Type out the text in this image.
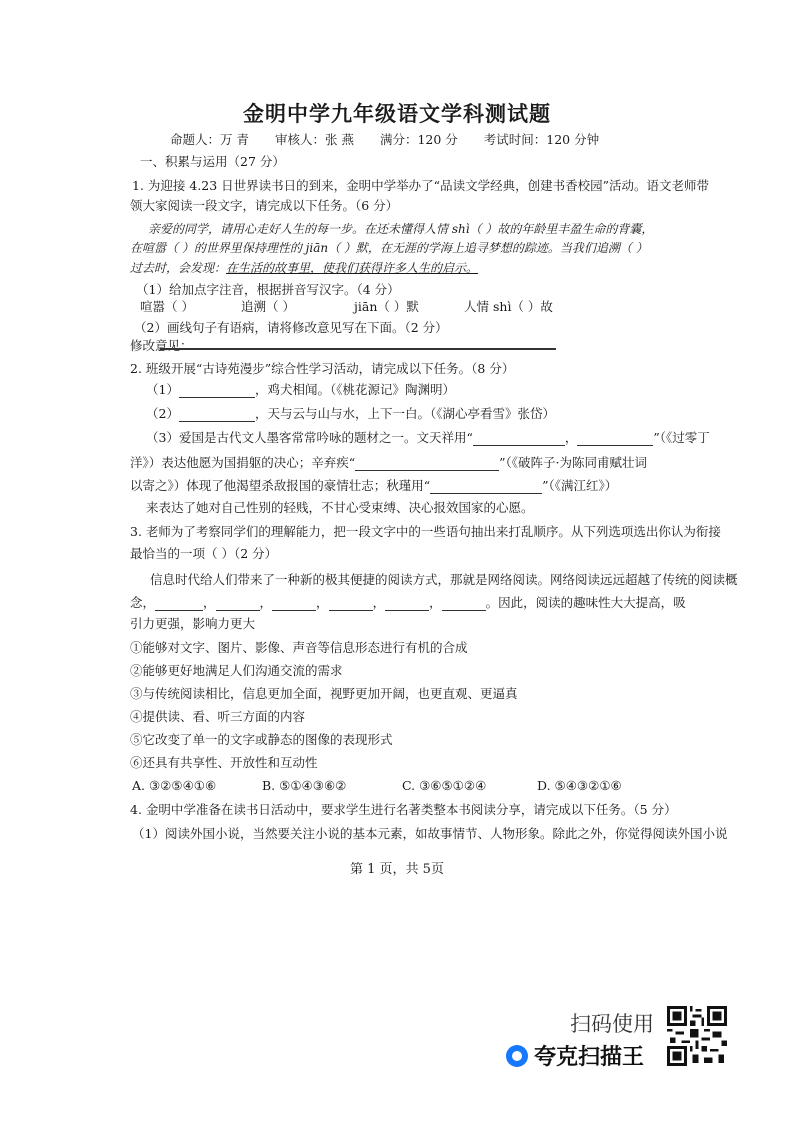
金明中学九年级语文学科测试题
命题人：万 青 审核人：张 燕 满分：120 分 考试时间：120 分钟
一、积累与运用（27 分）
1. 为迎接 4.23 日世界读书日的到来，金明中学举办了“品读文学经典，创建书香校园”活动。语文老师带
领大家阅读一段文字，请完成以下任务。（6 分）
亲爱的同学，请用心走好人生的每一步。在还未懂得人情 shì（ ）故的年龄里丰盈生命的背囊，
在喧嚣（ ）的世界里保持理性的 jiān（ ）默，在无涯的学海上追寻梦想的踪迹。当我们追溯（ ）
过去时，会发现：在生活的故事里，使我们获得许多人生的启示。
（1）给加点字注音，根据拼音写汉字。（4 分）
喧嚣（ ）	追溯（ ）	jiān（ ）默	人情 shì（ ）故
（2）画线句子有语病，请将修改意见写在下面。（2 分）
修改意见：
2. 班级开展“古诗苑漫步”综合性学习活动，请完成以下任务。（8 分）
（1）	，鸡犬相闻。（《桃花源记》陶渊明）
（2）	，天与云与山与水，上下一白。（《湖心亭看雪》张岱）
（3）爱国是古代文人墨客常常吟咏的题材之一。文天祥用“	，	”（《过零丁
洋》）表达他愿为国捐躯的决心；辛弃疾“	”（《破阵子·为陈同甫赋壮词
以寄之》）体现了他渴望杀敌报国的豪情壮志；秋瑾用“	”（《满江红》）
来表达了她对自己性别的轻贱，不甘心受束缚、决心报效国家的心愿。
3. 老师为了考察同学们的理解能力，把一段文字中的一些语句抽出来打乱顺序。从下列选项选出你认为衔接
最恰当的一项（ ）（2 分）
信息时代给人们带来了一种新的极其便捷的阅读方式，那就是网络阅读。网络阅读远远超越了传统的阅读概
念，	，	，	，	，	，	。因此，阅读的趣味性大大提高，吸
引力更强，影响力更大
①能够对文字、图片、影像、声音等信息形态进行有机的合成
②能够更好地满足人们沟通交流的需求
③与传统阅读相比，信息更加全面，视野更加开阔，也更直观、更逼真
④提供读、看、听三方面的内容
⑤它改变了单一的文字或静态的图像的表现形式
⑥还具有共享性、开放性和互动性
A. ③②⑤④①⑥	B. ⑤①④③⑥②	C. ③⑥⑤①②④	D. ⑤④③②①⑥
4. 金明中学准备在读书日活动中，要求学生进行名著类整本书阅读分享，请完成以下任务。（5 分）
（1）阅读外国小说，当然要关注小说的基本元素，如故事情节、人物形象。除此之外，你觉得阅读外国小说
第 1 页，共 5页
扫码使用
夸克扫描王
